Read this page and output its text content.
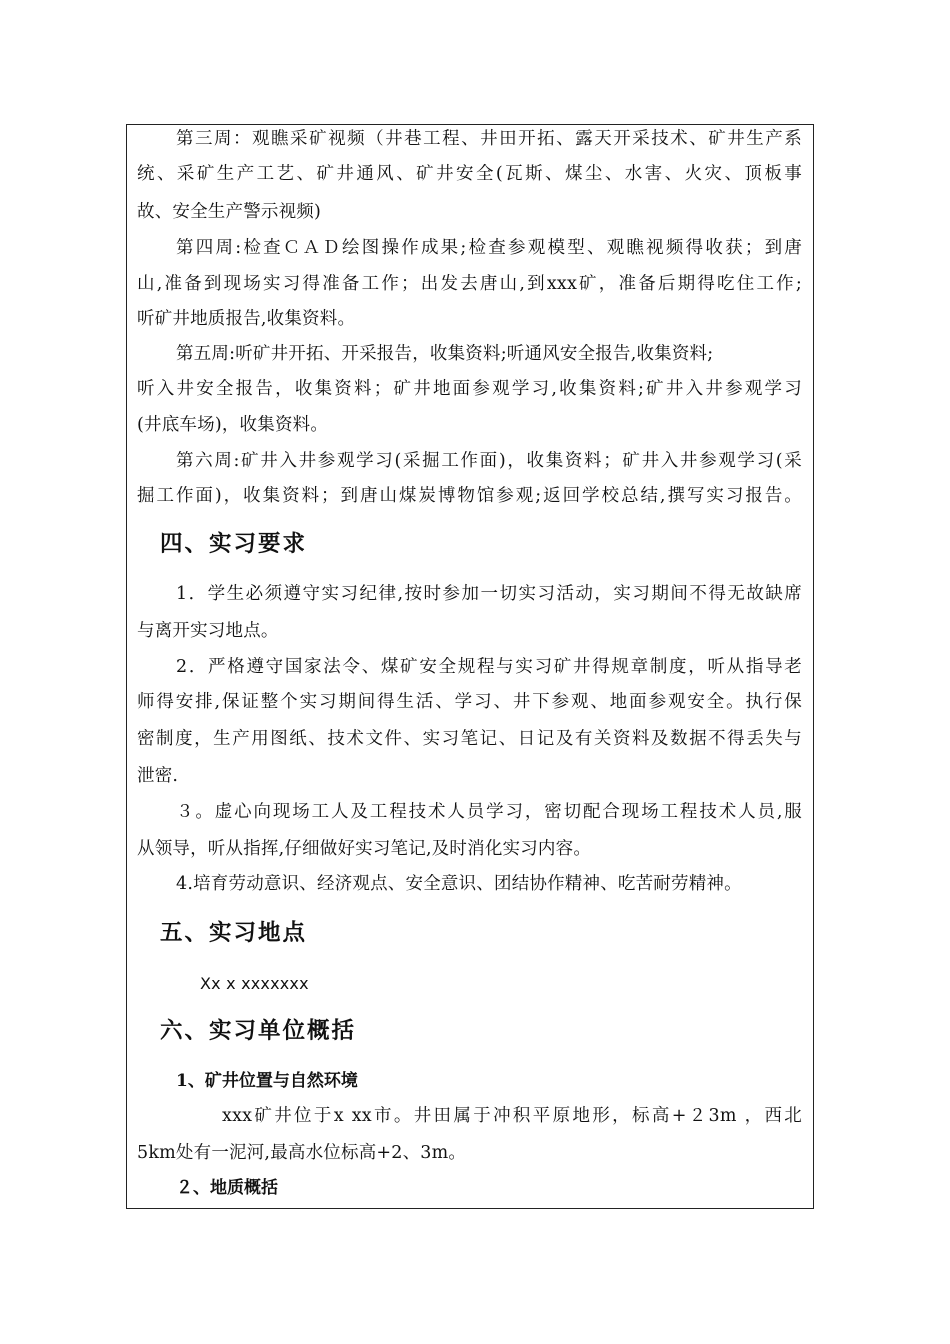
第三周：观瞧采矿视频（井巷工程、井田开拓、露天开采技术、矿井生产系
统、采矿生产工艺、矿井通风、矿井安全(瓦斯、煤尘、水害、火灾、顶板事
故、安全生产警示视频)
第四周:检查ＣＡＤ绘图操作成果;检查参观模型、观瞧视频得收获；到唐
山,准备到现场实习得准备工作；出发去唐山,到xxx矿，准备后期得吃住工作;
听矿井地质报告,收集资料。
第五周:听矿井开拓、开采报告，收集资料;听通风安全报告,收集资料;
听入井安全报告，收集资料；矿井地面参观学习,收集资料;矿井入井参观学习
(井底车场)，收集资料。
第六周:矿井入井参观学习(采掘工作面)，收集资料；矿井入井参观学习(采
掘工作面)，收集资料；到唐山煤炭博物馆参观;返回学校总结,撰写实习报告。
四、实习要求
1．学生必须遵守实习纪律,按时参加一切实习活动，实习期间不得无故缺席
与离开实习地点。
2．严格遵守国家法令、煤矿安全规程与实习矿井得规章制度，听从指导老
师得安排,保证整个实习期间得生活、学习、井下参观、地面参观安全。执行保
密制度，生产用图纸、技术文件、实习笔记、日记及有关资料及数据不得丢失与
泄密.
３。虚心向现场工人及工程技术人员学习，密切配合现场工程技术人员,服
从领导，听从指挥,仔细做好实习笔记,及时消化实习内容。
4.培育劳动意识、经济观点、安全意识、团结协作精神、吃苦耐劳精神。
五、实习地点
Xx x xxxxxxx
六、实习单位概括
1、矿井位置与自然环境
xxx矿井位于x xx市。井田属于冲积平原地形，标高+２3m ，西北
5km处有一泥河,最高水位标高+2、3m。
２、地质概括
